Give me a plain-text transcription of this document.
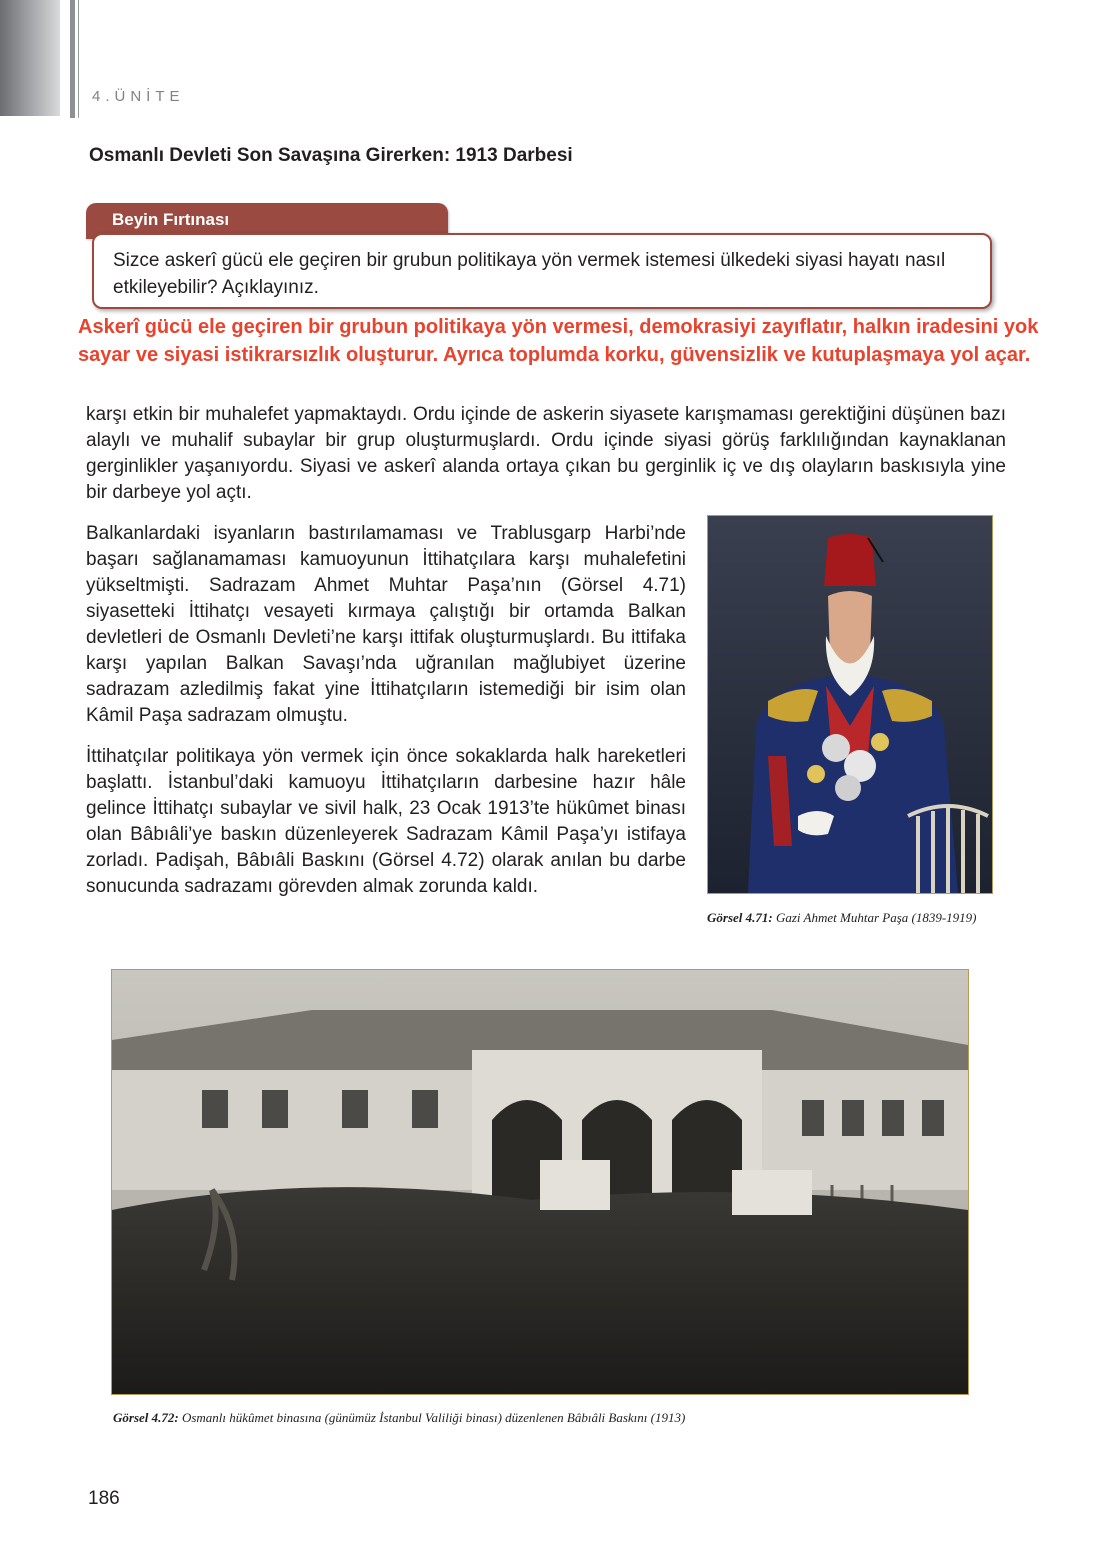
4.ÜNİTE
Osmanlı Devleti Son Savaşına Girerken: 1913 Darbesi
Beyin Fırtınası

Sizce askerî gücü ele geçiren bir grubun politikaya yön vermek istemesi ülkedeki siyasi hayatı nasıl etkileyebilir? Açıklayınız.

Askerî gücü ele geçiren bir grubun politikaya yön vermesi, demokrasiyi zayıflatır, halkın iradesini yok sayar ve siyasi istikrarsızlık oluşturur. Ayrıca toplumda korku, güvensizlik ve kutuplaşmaya yol açar.

karşı etkin bir muhalefet yapmaktaydı. Ordu içinde de askerin siyasete karışmaması gerektiğini düşünen bazı alaylı ve muhalif subaylar bir grup oluşturmuşlardı. Ordu içinde siyasi görüş farklılığından kaynaklanan gerginlikler yaşanıyordu. Siyasi ve askerî alanda ortaya çıkan bu gerginlik iç ve dış olayların baskısıyla yine bir darbeye yol açtı.

Balkanlardaki isyanların bastırılamaması ve Trablusgarp Harbi’nde başarı sağlanamaması kamuoyunun İttihatçılara karşı muhalefetini yükseltmişti. Sadrazam Ahmet Muhtar Paşa’nın (Görsel 4.71) siyasetteki İttihatçı vesayeti kırmaya çalıştığı bir ortamda Balkan devletleri de Osmanlı Devleti’ne karşı ittifak oluşturmuşlardı. Bu ittifaka karşı yapılan Balkan Savaşı’nda uğranılan mağlubiyet üzerine sadrazam azledilmiş fakat yine İttihatçıların istemediği bir isim olan Kâmil Paşa sadrazam olmuştu.

İttihatçılar politikaya yön vermek için önce sokaklarda halk hareketleri başlattı. İstanbul’daki kamuoyu İttihatçıların darbesine hazır hâle gelince İttihatçı subaylar ve sivil halk, 23 Ocak 1913’te hükûmet binası olan Bâbıâli’ye baskın düzenleyerek Sadrazam Kâmil Paşa’yı istifaya zorladı. Padişah, Bâbıâli Baskını (Görsel 4.72) olarak anılan bu darbe sonucunda sadrazamı görevden almak zorunda kaldı.

Görsel 4.71: Gazi Ahmet Muhtar Paşa (1839-1919)

Görsel 4.72: Osmanlı hükûmet binasına (günümüz İstanbul Valiliği binası) düzenlenen Bâbıâli Baskını (1913)

186
